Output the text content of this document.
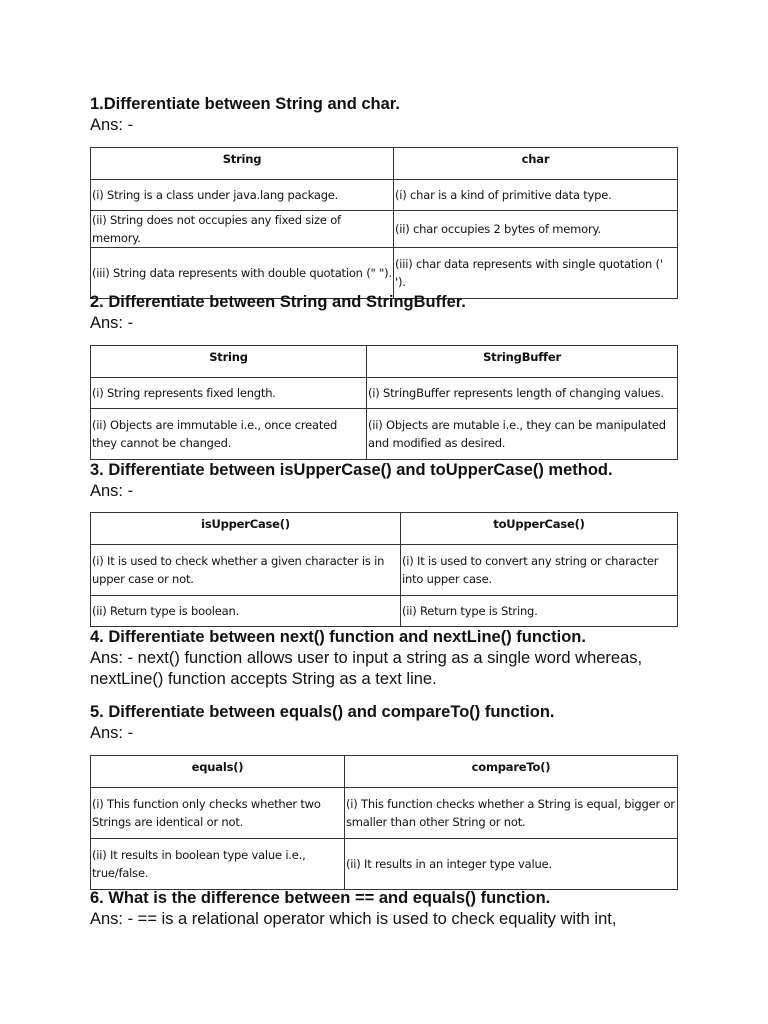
1.Differentiate between String and char.
Ans: -
String	char
(i) String is a class under java.lang package.	(i) char is a kind of primitive data type.
(ii) String does not occupies any fixed size of memory.	(ii) char occupies 2 bytes of memory.
(iii) String data represents with double quotation (" ").	(iii) char data represents with single quotation (' ').
2. Differentiate between String and StringBuffer.
Ans: -
String	StringBuffer
(i) String represents fixed length.	(i) StringBuffer represents length of changing values.
(ii) Objects are immutable i.e., once created they cannot be changed.	(ii) Objects are mutable i.e., they can be manipulated and modified as desired.
3. Differentiate between isUpperCase() and toUpperCase() method.
Ans: -
isUpperCase()	toUpperCase()
(i) It is used to check whether a given character is in upper case or not.	(i) It is used to convert any string or character into upper case.
(ii) Return type is boolean.	(ii) Return type is String.
4. Differentiate between next() function and nextLine() function.
Ans: - next() function allows user to input a string as a single word whereas,
nextLine() function accepts String as a text line.
5. Differentiate between equals() and compareTo() function.
Ans: -
equals()	compareTo()
(i) This function only checks whether two Strings are identical or not.	(i) This function checks whether a String is equal, bigger or smaller than other String or not.
(ii) It results in boolean type value i.e., true/false.	(ii) It results in an integer type value.
6. What is the difference between == and equals() function.
Ans: - == is a relational operator which is used to check equality with int,
